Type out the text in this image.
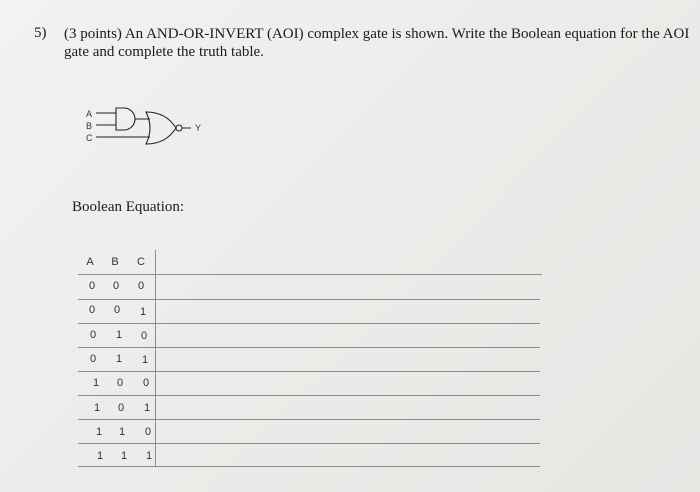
5) (3 points) An AND-OR-INVERT (AOI) complex gate is shown. Write the Boolean equation for the AOI gate and complete the truth table.
A
B
C
Y
Boolean Equation:
A	B	C
0	0	0
0	0	1
0	1	0
0	1	1
1	0	0
1	0	1
1	1	0
1	1	1
